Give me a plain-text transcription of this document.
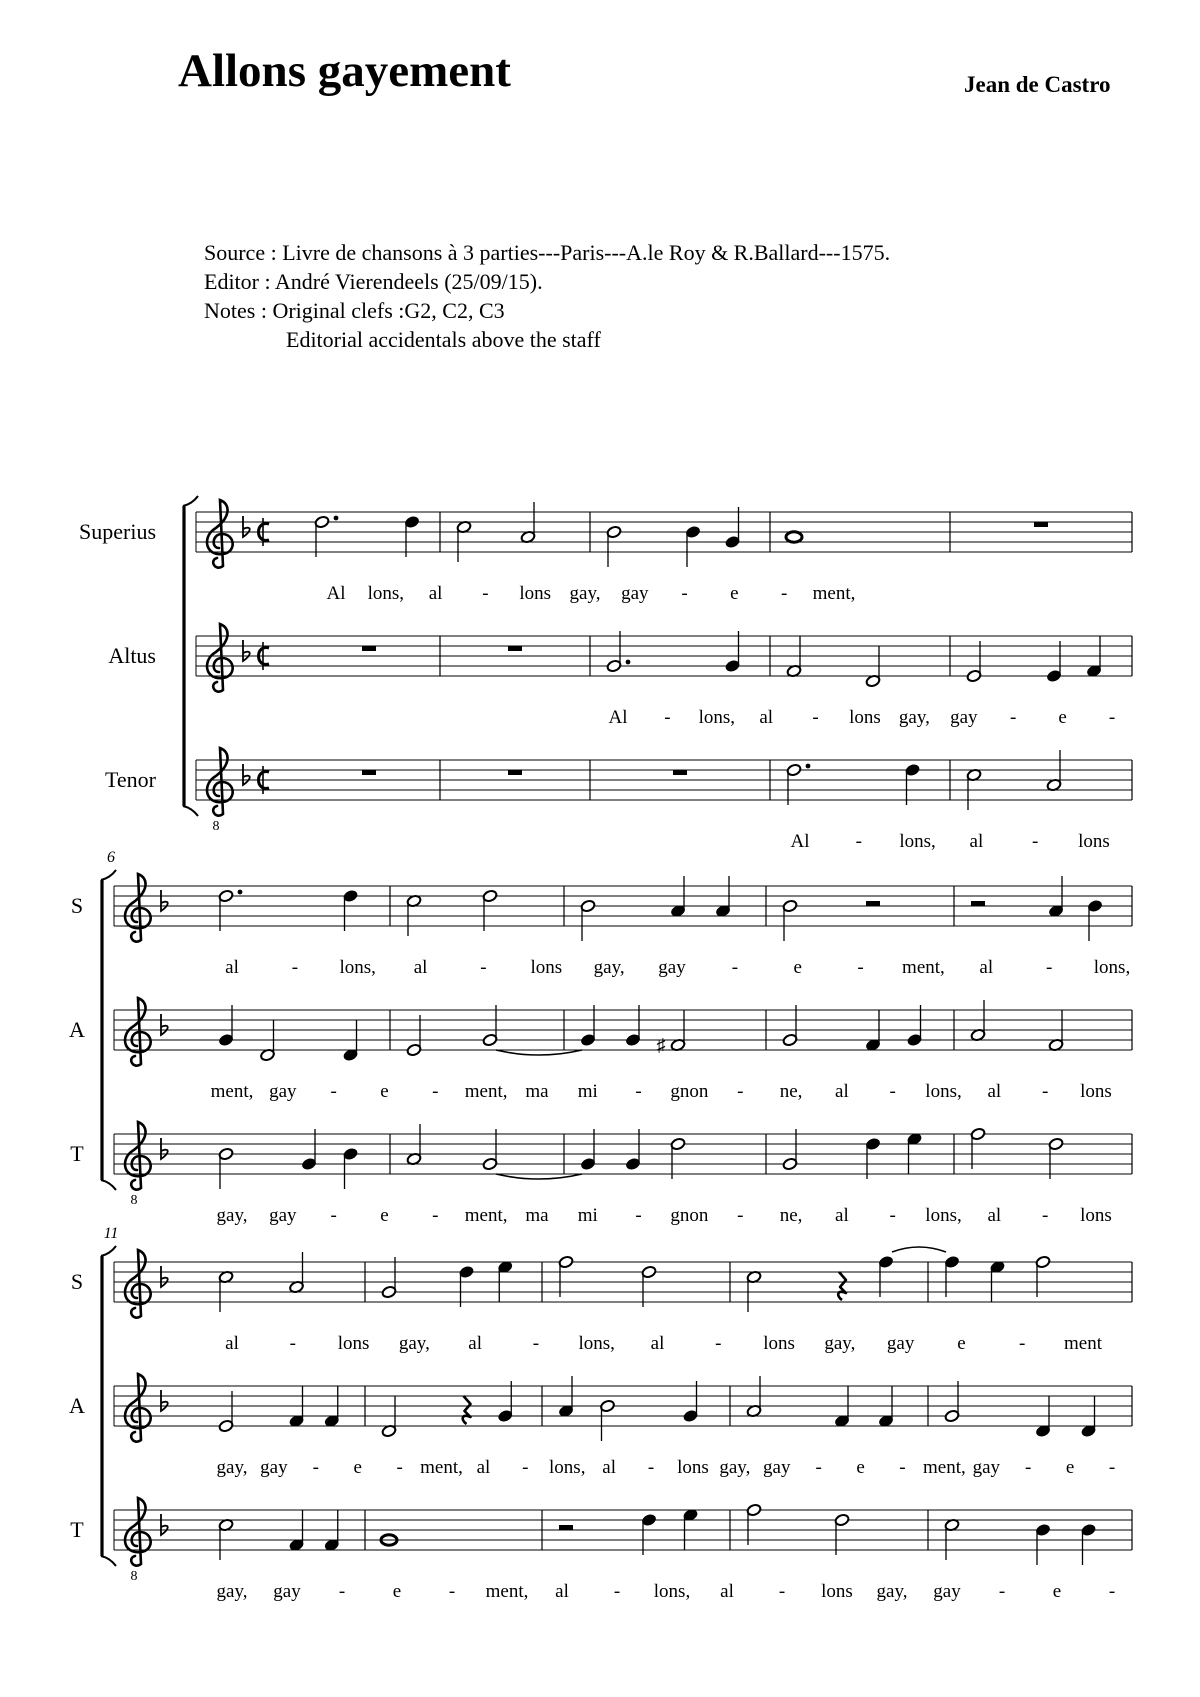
Allons gayement	Jean de Castro
Source : Livre de chansons à 3 parties---Paris---A.le Roy & R.Ballard---1575.
Editor : André Vierendeels (25/09/15).
Notes : Original clefs :G2, C2, C3
Editorial accidentals above the staff
Superius
Al lons, al - lons gay, gay - e - ment,
Altus
Al - lons, al - lons gay, gay - e -
Tenor
8
Al - lons, al	- lons
6
S
al	- lons, al	- lons gay, gay -	e	- ment, al	- lons,
A
♯
ment, gay - e - ment, ma mi - gnon - ne, al - lons, al - lons
T
8
gay, gay - e - ment, ma mi - gnon - ne, al - lons, al - lons
11
S
al	- lons gay, al	- lons, al	- lons gay, gay e	- ment
A
gay, gay - e - ment, al - lons, al - lons gay, gay - e - ment, gay - e -
T
8
gay, gay -	e	- ment, al - lons, al - lons gay, gay -	e	-
